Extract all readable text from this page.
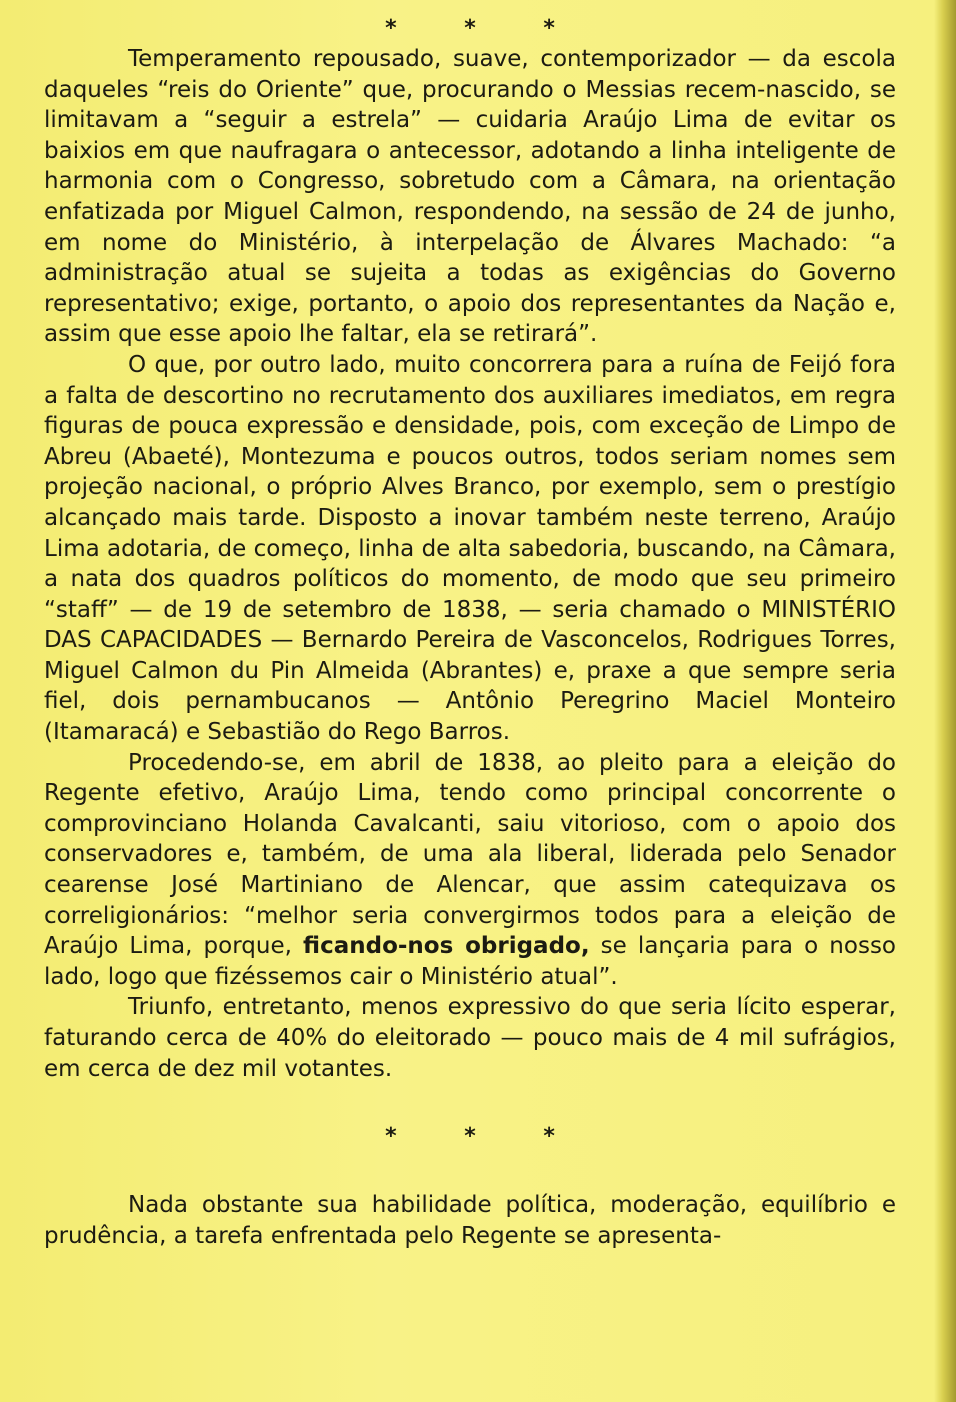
* * *

Temperamento repousado, suave, contemporizador — da escola daqueles “reis do Oriente” que, procurando o Messias recem-nascido, se limitavam a “seguir a estrela” — cuidaria Araújo Lima de evitar os baixios em que naufragara o antecessor, adotando a linha inteligente de harmonia com o Congresso, sobretudo com a Câmara, na orientação enfatizada por Miguel Calmon, respondendo, na sessão de 24 de junho, em nome do Ministério, à interpelação de Álvares Machado: “a administração atual se sujeita a todas as exigências do Governo representativo; exige, portanto, o apoio dos representantes da Nação e, assim que esse apoio lhe faltar, ela se retirará”.

O que, por outro lado, muito concorrera para a ruína de Feijó fora a falta de descortino no recrutamento dos auxiliares imediatos, em regra figuras de pouca expressão e densidade, pois, com exceção de Limpo de Abreu (Abaeté), Montezuma e poucos outros, todos seriam nomes sem projeção nacional, o próprio Alves Branco, por exemplo, sem o prestígio alcançado mais tarde. Disposto a inovar também neste terreno, Araújo Lima adotaria, de começo, linha de alta sabedoria, buscando, na Câmara, a nata dos quadros políticos do momento, de modo que seu primeiro “staff” — de 19 de setembro de 1838, — seria chamado o MINISTÉRIO DAS CAPACIDADES — Bernardo Pereira de Vasconcelos, Rodrigues Torres, Miguel Calmon du Pin Almeida (Abrantes) e, praxe a que sempre seria fiel, dois pernambucanos — Antônio Peregrino Maciel Monteiro (Itamaracá) e Sebastião do Rego Barros.

Procedendo-se, em abril de 1838, ao pleito para a eleição do Regente efetivo, Araújo Lima, tendo como principal concorrente o comprovinciano Holanda Cavalcanti, saiu vitorioso, com o apoio dos conservadores e, também, de uma ala liberal, liderada pelo Senador cearense José Martiniano de Alencar, que assim catequizava os correligionários: “melhor seria convergirmos todos para a eleição de Araújo Lima, porque, ficando-nos obrigado, se lançaria para o nosso lado, logo que fizéssemos cair o Ministério atual”.

Triunfo, entretanto, menos expressivo do que seria lícito esperar, faturando cerca de 40% do eleitorado — pouco mais de 4 mil sufrágios, em cerca de dez mil votantes.

* * *

Nada obstante sua habilidade política, moderação, equilíbrio e prudência, a tarefa enfrentada pelo Regente se apresenta-
